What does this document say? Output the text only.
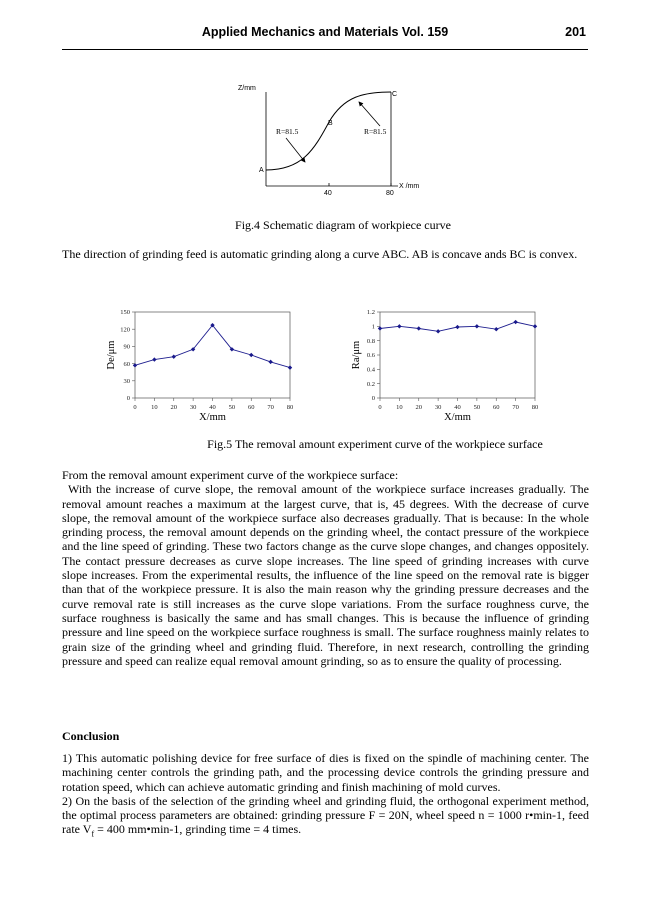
Applied Mechanics and Materials Vol. 159	201
Z/mm
X /mm
40	80
A
B
C
R=81.5	R=81.5
Fig.4 Schematic diagram of workpiece curve

The direction of grinding feed is automatic grinding along a curve ABC. AB is concave ands BC is convex.

0
30
60
90
120
150
0 10 20 30 40 50 60 70 80
X/mm
De/μm
0
0.2
0.4
0.6
0.8
1
1.2
0 10 20 30 40 50 60 70 80
X/mm
Ra/μm
Fig.5 The removal amount experiment curve of the workpiece surface

From the removal amount experiment curve of the workpiece surface:

With the increase of curve slope, the removal amount of the workpiece surface increases gradually. The removal amount reaches a maximum at the largest curve, that is, 45 degrees. With the decrease of curve slope, the removal amount of the workpiece surface also decreases gradually. That is because: In the whole grinding process, the removal amount depends on the grinding wheel, the contact pressure of the workpiece and the line speed of grinding. These two factors change as the curve slope changes, and changes oppositely. The contact pressure decreases as curve slope increases. The line speed of grinding increases with curve slope increases. From the experimental results, the influence of the line speed on the removal rate is bigger than that of the workpiece pressure. It is also the main reason why the grinding pressure decreases and the curve removal rate is still increases as the curve slope variations. From the surface roughness curve, the surface roughness is basically the same and has small changes. This is because the influence of grinding pressure and line speed on the workpiece surface roughness is small. The surface roughness mainly relates to grain size of the grinding wheel and grinding fluid. Therefore, in next research, controlling the grinding pressure and speed can realize equal removal amount grinding, so as to ensure the quality of processing.

Conclusion

1) This automatic polishing device for free surface of dies is fixed on the spindle of machining center. The machining center controls the grinding path, and the processing device controls the grinding pressure and rotation speed, which can achieve automatic grinding and finish machining of mold curves.

2) On the basis of the selection of the grinding wheel and grinding fluid, the orthogonal experiment method, the optimal process parameters are obtained: grinding pressure F = 20N, wheel speed n = 1000 r•min-1, feed rate $V_f = 400$ mm•min-1, grinding time = 4 times.
